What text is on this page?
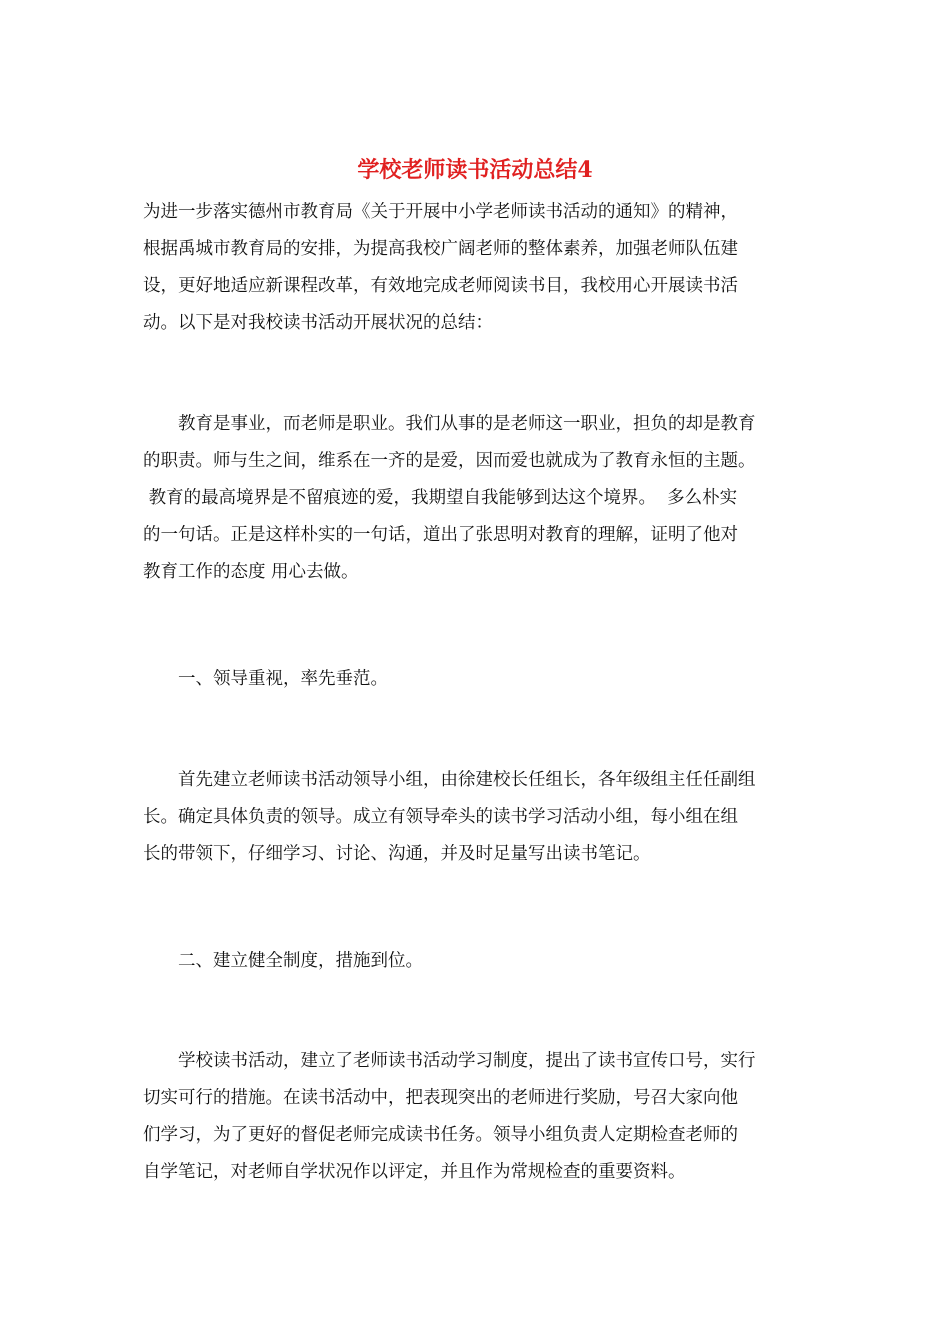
学校老师读书活动总结4
为进一步落实德州市教育局《关于开展中小学老师读书活动的通知》的精神，
根据禹城市教育局的安排，为提高我校广阔老师的整体素养，加强老师队伍建
设，更好地适应新课程改革，有效地完成老师阅读书目，我校用心开展读书活
动。以下是对我校读书活动开展状况的总结：
教育是事业，而老师是职业。我们从事的是老师这一职业，担负的却是教育
的职责。师与生之间，维系在一齐的是爱，因而爱也就成为了教育永恒的主题。
教育的最高境界是不留痕迹的爱，我期望自我能够到达这个境界。  多么朴实
的一句话。正是这样朴实的一句话，道出了张思明对教育的理解，证明了他对
教育工作的态度 用心去做。

一、领导重视，率先垂范。

首先建立老师读书活动领导小组，由徐建校长任组长，各年级组主任任副组
长。确定具体负责的领导。成立有领导牵头的读书学习活动小组，每小组在组
长的带领下，仔细学习、讨论、沟通，并及时足量写出读书笔记。

二、建立健全制度，措施到位。

学校读书活动，建立了老师读书活动学习制度，提出了读书宣传口号，实行
切实可行的措施。在读书活动中，把表现突出的老师进行奖励，号召大家向他
们学习，为了更好的督促老师完成读书任务。领导小组负责人定期检查老师的
自学笔记，对老师自学状况作以评定，并且作为常规检查的重要资料。
